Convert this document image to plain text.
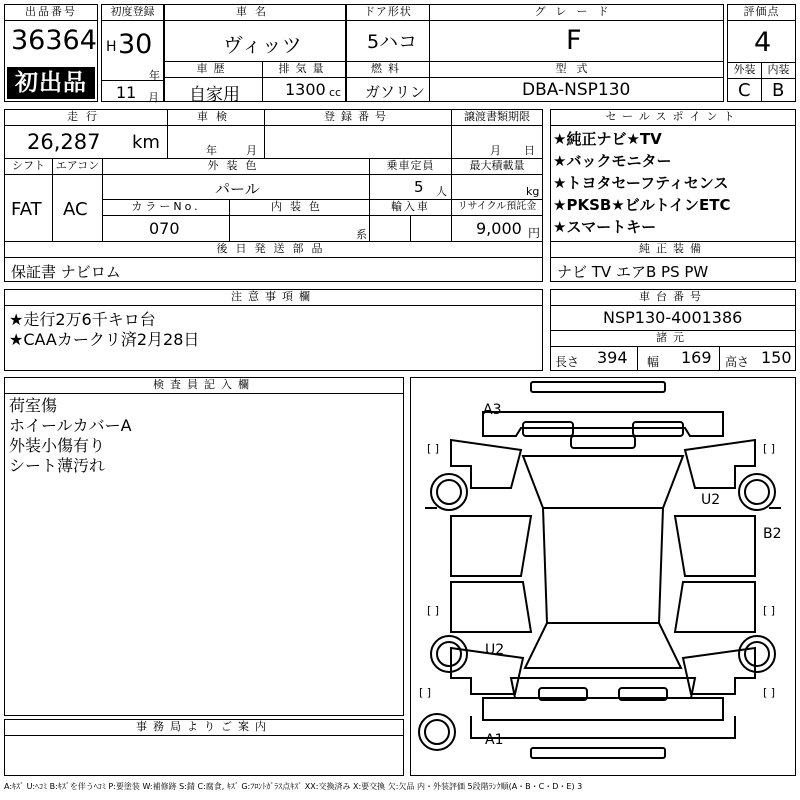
出品番号
36364
初出品
初度登録
H 30
年
11 月
車名
ヴィッツ
車歴
自家用
排気量
1300 cc
ドア形状
5ハコ
燃料
ガソリン
グレード
F
型式
DBA-NSP130
評価点
4
外装	内装
C B
走行
26,287 km
車検
年	月
登録番号	譲渡書類期限
月 日
シフト
FAT
エアコン
AC
外装色
パール
乗車定員
5 人
最大積載量
kg
カラーNo.
070
内装色
系
輸入車	リサイクル預託金
9,000 円
後日発送部品
保証書 ナビロム
セールスポイント
★純正ナビ★TV
★バックモニター
★トヨタセーフティセンス
★PKSB★ビルトインETC
★スマートキー
純正装備
ナビ TV エアB PS PW
注意事項欄
★走行2万6千キロ台
★CAAカークリ済2月28日
車台番号
NSP130-4001386
諸元
長さ 394 幅 169 高さ 150
検査員記入欄
荷室傷
ホイールカバーA
外装小傷有り
シート薄汚れ
事務局よりご案内
[ ]	[ ]
[ ]	[ ]
[ ]	[ ]
A3
U2
B2
U2
A1
A:ｷｽﾞ U:ﾍｺﾐ B:ｷｽﾞを伴うﾍｺﾐ P:要塗装 W:補修跡 S:錆 C:腐食, ｷｽﾞ G:ﾌﾛﾝﾄｶﾞﾗｽ点ｷｽﾞ XX:交換済み X:要交換 欠:欠品 内・外装評価 5段階ﾗﾝｸ順(A・B・C・D・E) 3
